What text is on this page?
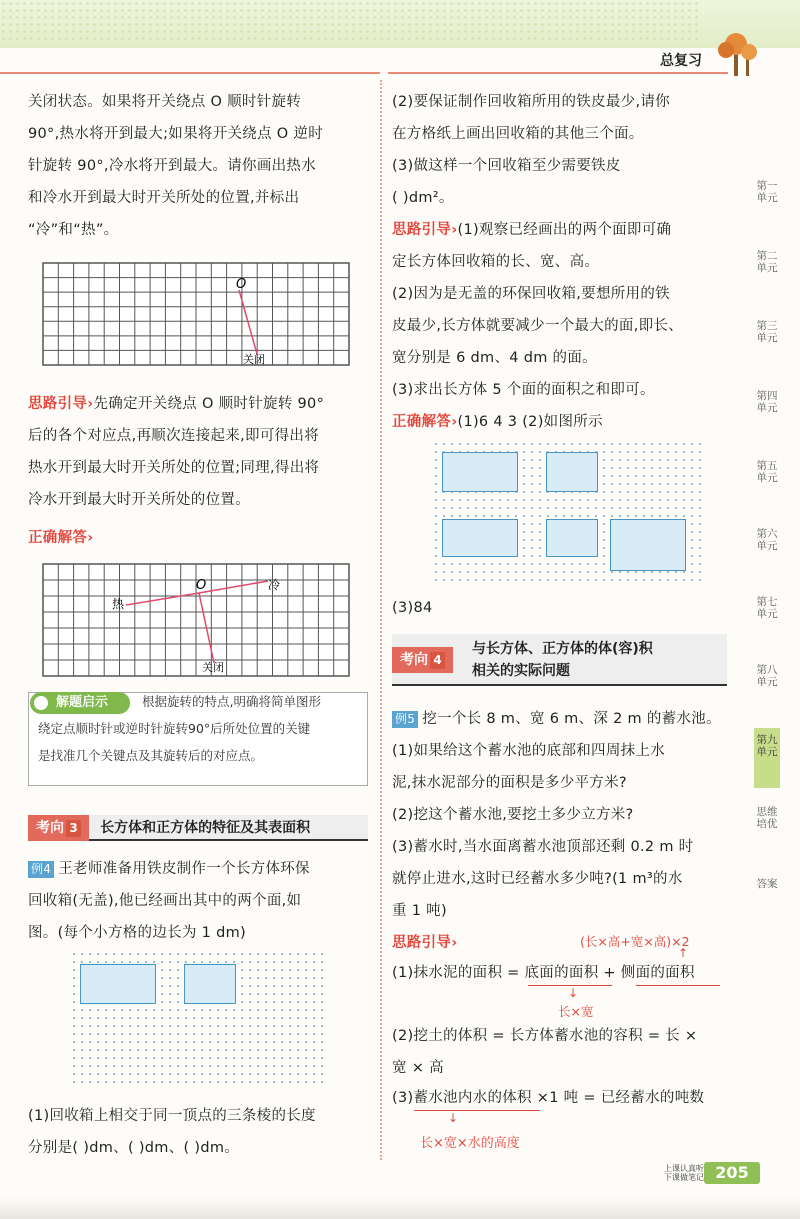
总复习
关闭状态。如果将开关绕点 O 顺时针旋转
90°,热水将开到最大;如果将开关绕点 O 逆时
针旋转 90°,冷水将开到最大。请你画出热水
和冷水开到最大时开关所处的位置,并标出
“冷”和“热”。
O
关闭
思路引导›先确定开关绕点 O 顺时针旋转 90°
后的各个对应点,再顺次连接起来,即可得出将
热水开到最大时开关所处的位置;同理,得出将
冷水开到最大时开关所处的位置。
正确解答›
O	冷
热
关闭
解题启示	根据旋转的特点,明确将简单图形
绕定点顺时针或逆时针旋转90°后所处位置的关键
是找准几个关键点及其旋转后的对应点。
考向 3 长方体和正方体的特征及其表面积
例4 王老师准备用铁皮制作一个长方体环保
回收箱(无盖),他已经画出其中的两个面,如
图。(每个小方格的边长为 1 dm)
(1)回收箱上相交于同一顶点的三条棱的长度
分别是( )dm、( )dm、( )dm。
(2)要保证制作回收箱所用的铁皮最少,请你
在方格纸上画出回收箱的其他三个面。
(3)做这样一个回收箱至少需要铁皮
( )dm²。
思路引导›(1)观察已经画出的两个面即可确
定长方体回收箱的长、宽、高。
(2)因为是无盖的环保回收箱,要想所用的铁
皮最少,长方体就要减少一个最大的面,即长、
宽分别是 6 dm、4 dm 的面。
(3)求出长方体 5 个面的面积之和即可。
正确解答›(1)6 4 3 (2)如图所示
(3)84
考向 4
与长方体、正方体的体(容)积
相关的实际问题
例5 挖一个长 8 m、宽 6 m、深 2 m 的蓄水池。
(1)如果给这个蓄水池的底部和四周抹上水
泥,抹水泥部分的面积是多少平方米?
(2)挖这个蓄水池,要挖土多少立方米?
(3)蓄水时,当水面离蓄水池顶部还剩 0.2 m 时
就停止进水,这时已经蓄水多少吨?(1 m³的水
重 1 吨)
思路引导›	(长×高+宽×高)×2
(1)抹水泥的面积 = 底面的面积 + 侧面的面积
↓
长×宽
↑
(2)挖土的体积 = 长方体蓄水池的容积 = 长 ×
宽 × 高
(3)蓄水池内水的体积 ×1 吨 = 已经蓄水的吨数
↓
长×宽×水的高度
第一单元
第二单元
第三单元
第四单元
第五单元
第六单元
第七单元
第八单元
第九单元
思维培优
答案
上课认真听
下课做笔记 205
